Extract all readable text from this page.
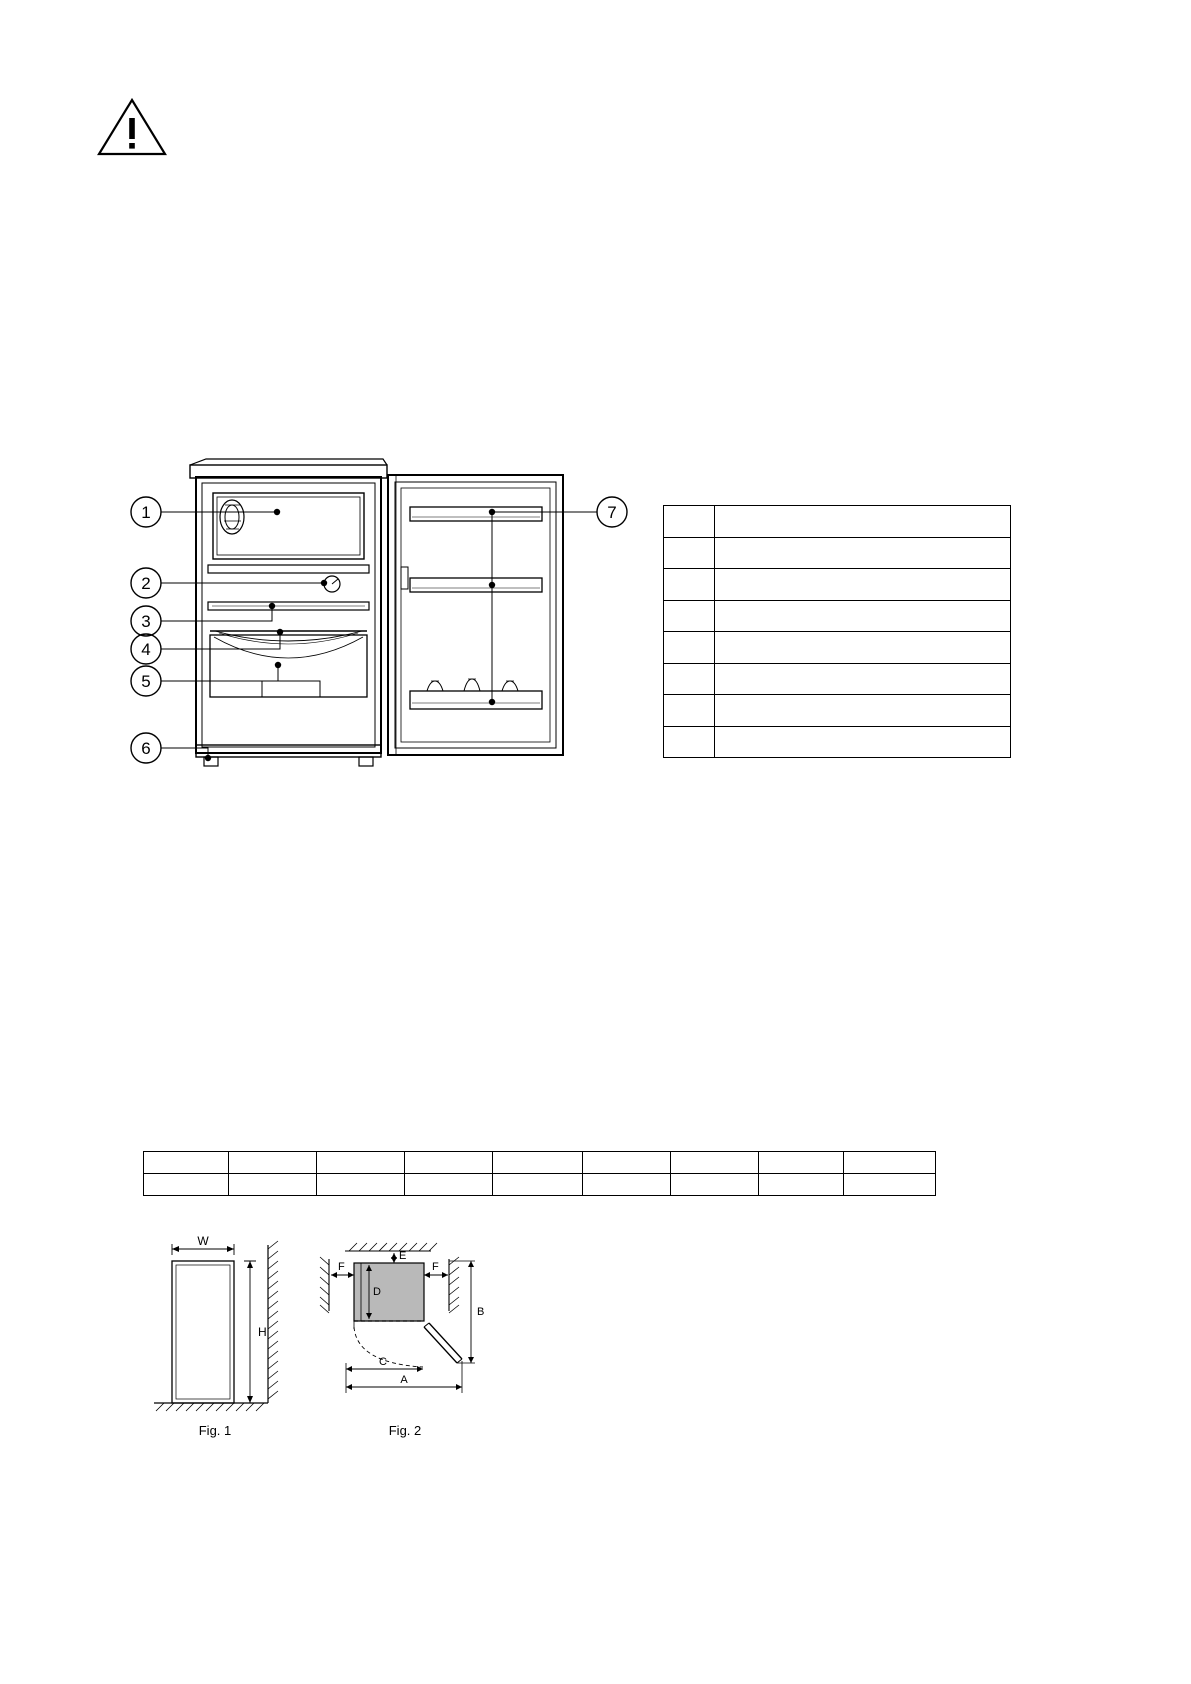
1
2
3
4
5
6
7

W
H
Fig. 1
E
F	F
D
B
C
A
Fig. 2
